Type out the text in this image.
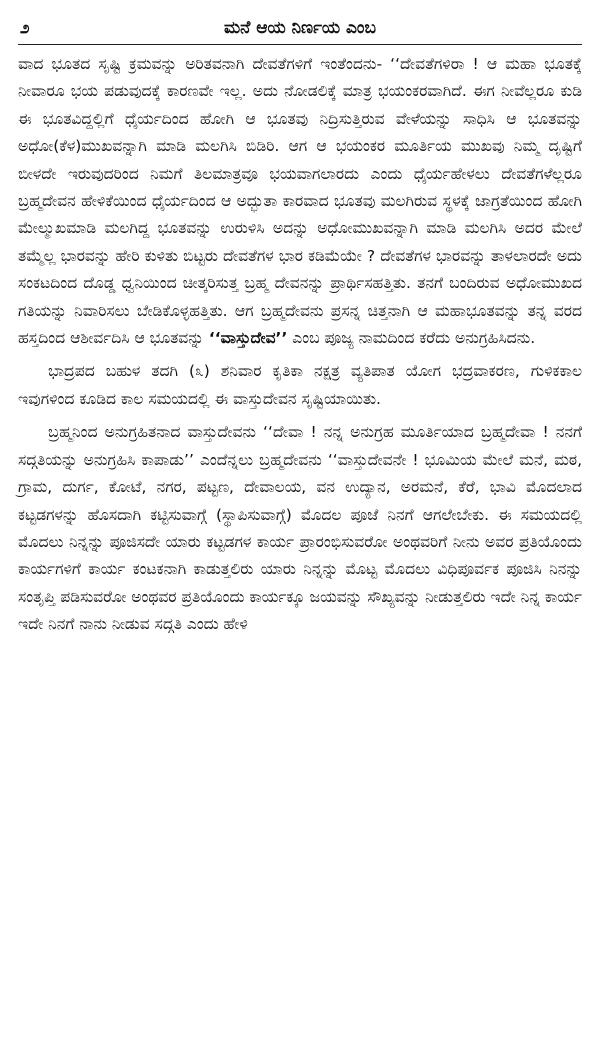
೨	ಮನೆ ಆಯ ನಿರ್ಣಯ ಎಂಬ

ವಾದ ಭೂತದ ಸೃಷ್ಟಿ ಕ್ರಮವನ್ನು ಅರಿತವನಾಗಿ ದೇವತೆಗಳಿಗೆ ಇಂತೆಂದನು- ‘‘ದೇವತೆಗಳಿರಾ ! ಆ ಮಹಾ ಭೂತಕ್ಕೆ ನೀವಾರೂ ಭಯ ಪಡುವುದಕ್ಕೆ ಕಾರಣವೇ ಇಲ್ಲ. ಅದು ನೋಡಲಿಕ್ಕೆ ಮಾತ್ರ ಭಯಂಕರವಾಗಿದೆ. ಈಗ ನೀವೆಲ್ಲರೂ ಕುಡಿ ಈ ಭೂತವಿದ್ದಲ್ಲಿಗೆ ಧೈರ್ಯದಿಂದ ಹೋಗಿ ಆ ಭೂತವು ನಿದ್ರಿಸುತ್ತಿರುವ ವೇಳೆಯನ್ನು ಸಾಧಿಸಿ ಆ ಭೂತವನ್ನು ಅಧೋ(ಕೆಳ)ಮುಖವನ್ನಾಗಿ ಮಾಡಿ ಮಲಗಿಸಿ ಬಿಡಿರಿ. ಆಗ ಆ ಭಯಂಕರ ಮೂರ್ತಿಯ ಮುಖವು ನಿಮ್ಮ ದೃಷ್ಟಿಗೆ ಬೀಳದೇ ಇರುವುದರಿಂದ ನಿಮಗೆ ತಿಲಮಾತ್ರವೂ ಭಯವಾಗಲಾರದು ಎಂದು ಧೈರ್ಯಹೇಳಲು ದೇವತೆಗಳೆಲ್ಲರೂ ಬ್ರಹ್ಮದೇವನ ಹೇಳಿಕೆಯಿಂದ ಧೈರ್ಯದಿಂದ ಆ ಅದ್ಭುತಾ ಕಾರವಾದ ಭೂತವು ಮಲಗಿರುವ ಸ್ಥಳಕ್ಕೆ ಜಾಗ್ರತೆಯಿಂದ ಹೋಗಿ ಮೇಲ್ಮುಖಮಾಡಿ ಮಲಗಿದ್ದ ಭೂತವನ್ನು ಉರುಳಿಸಿ ಅದನ್ನು ಅಧೋಮುಖವನ್ನಾಗಿ ಮಾಡಿ ಮಲಗಿಸಿ ಅದರ ಮೇಲೆ ತಮ್ಮೆಲ್ಲ ಭಾರವನ್ನು ಹೇರಿ ಕುಳಿತು ಬಿಟ್ಟರು ದೇವತೆಗಳ ಭಾರ ಕಡಿಮೆಯೇ ? ದೇವತೆಗಳ ಭಾರವನ್ನು ತಾಳಲಾರದೇ ಅದು ಸಂಕಟದಿಂದ ದೊಡ್ಡ ಧ್ವನಿಯಿಂದ ಚೀತ್ಕರಿಸುತ್ತ ಬ್ರಹ್ಮ ದೇವನನ್ನು ಪ್ರಾರ್ಥಿಸಹತ್ತಿತು. ತನಗೆ ಬಂದಿರುವ ಅಧೋಮುಖದ ಗತಿಯನ್ನು ನಿವಾರಿಸಲು ಬೇಡಿಕೊಳ್ಳಹತ್ತಿತು. ಆಗ ಬ್ರಹ್ಮದೇವನು ಪ್ರಸನ್ನ ಚಿತ್ತನಾಗಿ ಆ ಮಹಾಭೂತವನ್ನು ತನ್ನ ವರದ ಹಸ್ತದಿಂದ ಆಶೀರ್ವದಿಸಿ ಆ ಭೂತವನ್ನು ‘‘ವಾಸ್ತುದೇವ’’ ಎಂಬ ಪೂಜ್ಯ ನಾಮದಿಂದ ಕರೆದು ಅನುಗ್ರಹಿಸಿದನು.

ಭಾದ್ರಪದ ಬಹುಳ ತದಗಿ (೩) ಶನಿವಾರ ಕೃತಿಕಾ ನಕ್ಷತ್ರ ವ್ಯತಿಪಾತ ಯೋಗ ಭದ್ರವಾಕರಣ, ಗುಳಿಕಕಾಲ ಇವುಗಳಿಂದ ಕೂಡಿದ ಕಾಲ ಸಮಯದಲ್ಲಿ ಈ ವಾಸ್ತುದೇವನ ಸೃಷ್ಟಿಯಾಯಿತು.

ಬ್ರಹ್ಮನಿಂದ ಅನುಗ್ರಹಿತನಾದ ವಾಸ್ತುದೇವನು ‘‘ದೇವಾ ! ನನ್ನ ಅನುಗ್ರಹ ಮೂರ್ತಿಯಾದ ಬ್ರಹ್ಮದೇವಾ ! ನನಗೆ ಸದ್ಗತಿಯನ್ನು ಅನುಗ್ರಹಿಸಿ ಕಾಪಾಡು’’ ಎಂದೆನ್ನಲು ಬ್ರಹ್ಮದೇವನು ‘‘ವಾಸ್ತುದೇವನೇ ! ಭೂಮಿಯ ಮೇಲೆ ಮನೆ, ಮಠ, ಗ್ರಾಮ, ದುರ್ಗ, ಕೋಟೆ, ನಗರ, ಪಟ್ಟಣ, ದೇವಾಲಯ, ವನ ಉದ್ಯಾನ, ಅರಮನೆ, ಕೆರೆ, ಭಾವಿ ಮೊದಲಾದ ಕಟ್ಟಡಗಳನ್ನು ಹೊಸದಾಗಿ ಕಟ್ಟಿಸುವಾಗ್ಗೆ (ಸ್ಥಾಪಿಸುವಾಗ್ಗೆ) ಮೊದಲ ಪೂಜೆ ನಿನಗೆ ಆಗಲೇಬೇಕು. ಈ ಸಮಯದಲ್ಲಿ ಮೊದಲು ನಿನ್ನನ್ನು ಪೂಜಿಸದೇ ಯಾರು ಕಟ್ಟಡಗಳ ಕಾರ್ಯ ಪ್ರಾರಂಭಿಸುವರೋ ಅಂಥವರಿಗೆ ನೀನು ಅವರ ಪ್ರತಿಯೊಂದು ಕಾರ್ಯಗಳಿಗೆ ಕಾರ್ಯ ಕಂಟಕನಾಗಿ ಕಾಡುತ್ತಲಿರು ಯಾರು ನಿನ್ನನ್ನು ಮೊಟ್ಟ ಮೊದಲು ವಿಧಿಪೂರ್ವಕ ಪೂಜಿಸಿ ನಿನನ್ನು ಸಂತೃಪ್ತಿ ಪಡಿಸುವರೋ ಅಂಥವರ ಪ್ರತಿಯೊಂದು ಕಾರ್ಯಕ್ಕೂ ಜಯವನ್ನು ಸೌಖ್ಯವನ್ನು ನೀಡುತ್ತಲಿರು ಇದೇ ನಿನ್ನ ಕಾರ್ಯ ಇದೇ ನಿನಗೆ ನಾನು ನೀಡುವ ಸದ್ಗತಿ ಎಂದು ಹೇಳಿ
